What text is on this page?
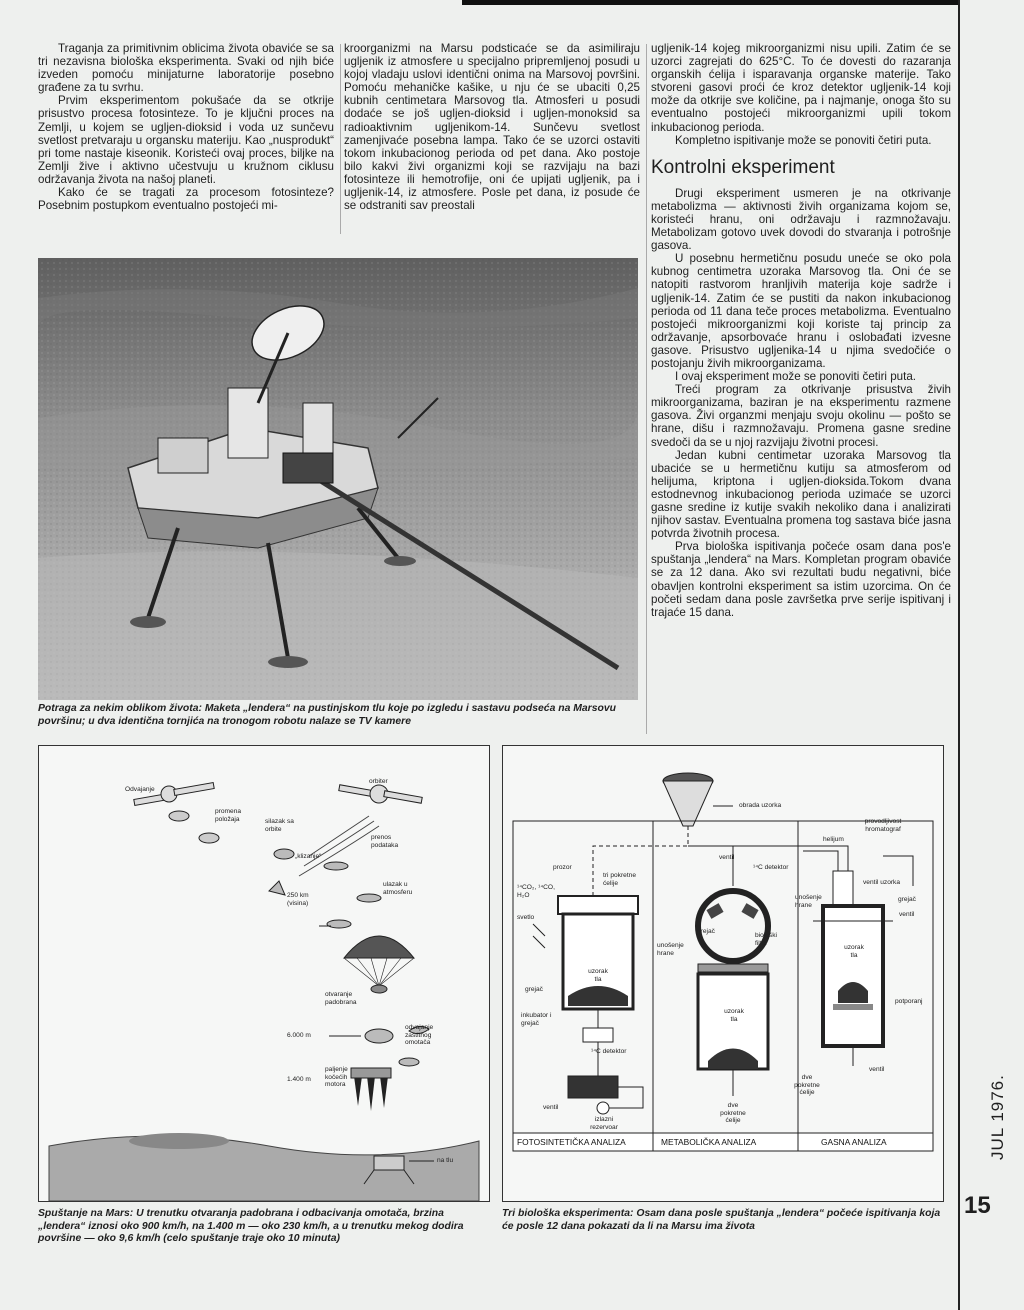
Traganja za primitivnim oblicima života obaviće se sa tri nezavisna biološka eksperimenta. Svaki od njih biće izveden pomoću minijaturne laboratorije posebno građene za tu svrhu.

Prvim eksperimentom pokušaće da se otkrije prisustvo procesa fotosinteze. To je ključni proces na Zemlji, u kojem se ugljen-dioksid i voda uz sunčevu svetlost pretvaraju u organsku materiju. Kao „nusprodukt“ pri tome nastaje kiseonik. Koristeći ovaj proces, biljke na Zemlji žive i aktivno učestvuju u kružnom ciklusu održavanja života na našoj planeti.

Kako će se tragati za procesom fotosinteze? Posebnim postupkom eventualno postojeći mi-

kroorganizmi na Marsu podsticaće se da asimiliraju ugljenik iz atmosfere u specijalno pripremljenoj posudi u kojoj vladaju uslovi identični onima na Marsovoj površini. Pomoću mehaničke kašike, u nju će se ubaciti 0,25 kubnih centimetara Marsovog tla. Atmosferi u posudi dodaće se još ugljen-dioksid i ugljen-monoksid sa radioaktivnim ugljenikom-14. Sunčevu svetlost zamenjivaće posebna lampa. Tako će se uzorci ostaviti tokom inkubacionog perioda od pet dana. Ako postoje bilo kakvi živi organizmi koji se razvijaju na bazi fotosinteze ili hemotrofije, oni će upijati ugljenik, pa i ugljenik-14, iz atmosfere. Posle pet dana, iz posude će se odstraniti sav preostali

ugljenik-14 kojeg mikroorganizmi nisu upili. Zatim će se uzorci zagrejati do 625°C. To će dovesti do razaranja organskih ćelija i isparavanja organske materije. Tako stvoreni gasovi proći će kroz detektor ugljenik-14 koji može da otkrije sve količine, pa i najmanje, onoga što su eventualno postojeći mikroorganizmi upili tokom inkubacionog perioda.

Kompletno ispitivanje može se ponoviti četiri puta.

Kontrolni eksperiment

Drugi eksperiment usmeren je na otkrivanje metabolizma — aktivnosti živih organizama kojom se, koristeći hranu, oni održavaju i razmnožavaju. Metabolizam gotovo uvek dovodi do stvaranja i potrošnje gasova.

U posebnu hermetičnu posudu uneće se oko pola kubnog centimetra uzoraka Marsovog tla. Oni će se natopiti rastvorom hranljivih materija koje sadrže i ugljenik-14. Zatim će se pustiti da nakon inkubacionog perioda od 11 dana teče proces metabolizma. Eventualno postojeći mikroorganizmi koji koriste taj princip za održavanje, apsorbovaće hranu i oslobađati izvesne gasove. Prisustvo ugljenika-14 u njima svedočiće o postojanju živih mikroorganizama.

I ovaj eksperiment može se ponoviti četiri puta.

Treći program za otkrivanje prisustva živih mikroorganizama, baziran je na eksperimentu razmene gasova. Živi organzmi menjaju svoju okolinu — pošto se hrane, dišu i razmnožavaju. Promena gasne sredine svedoči da se u njoj razvijaju životni procesi.

Jedan kubni centimetar uzoraka Marsovog tla ubaciće se u hermetičnu kutiju sa atmosferom od helijuma, kriptona i ugljen-dioksida.Tokom dvana estodnevnog inkubacionog perioda uzimaće se uzorci gasne sredine iz kutije svakih nekoliko dana i analizirati njihov sastav. Eventualna promena tog sastava biće jasna potvrda životnih procesa.

Prva biološka ispitivanja počeće osam dana pos'e spuštanja „lendera“ na Mars. Kompletan program obaviće se za 12 dana. Ako svi rezultati budu negativni, biće obavljen kontrolni eksperiment sa istim uzorcima. On će početi sedam dana posle završetka prve serije ispitivanj i trajaće 15 dana.

Potraga za nekim oblikom života: Maketa „lendera“ na pustinjskom tlu koje po izgledu i sastavu podseća na Marsovu površinu; u dva identična tornjića na tronogom robotu nalaze se TV kamere
Odvajanje
orbiter
promena položaja	silazak sa orbite
prenos podataka
„klizanje“
ulazak u atmosferu
250 km (visina)
otvaranje padobrana
6.000 m
odvajanje zaštitnog omotača
1.400 m
paljenje kočećih motora
na tlu
Spuštanje na Mars: U trenutku otvaranja padobrana i odbacivanja omotača, brzina „lendera“ iznosi oko 900 km/h, na 1.400 m — oko 230 km/h, a u trenutku mekog dodira površine — oko 9,6 km/h (celo spuštanje traje oko 10 minuta)
obrada uzorka
provodljivost hromatograf
helijum
ventil
prozor
tri pokretne ćelije
¹⁴CO₂, ¹⁴CO, H₂O
svetlo
¹⁴C detektor
ventil uzorka
unošenje hrane
grejač
ventil
grejač
biološki filter
unošenje hrane
uzorak tla
uzorak tla
uzorak tla
grejač
inkubator i grejač
¹⁴C detektor
potporanj
dve pokretne ćelije
dve pokretne ćelije
ventil
ventil
izlazni rezervoar
FOTOSINTETIČKA ANALIZA	METABOLIČKA ANALIZA	GASNA ANALIZA
Tri biološka eksperimenta: Osam dana posle spuštanja „lendera“ počeće ispitivanja koja će posle 12 dana pokazati da li na Marsu ima života
JUL 1976.
15
